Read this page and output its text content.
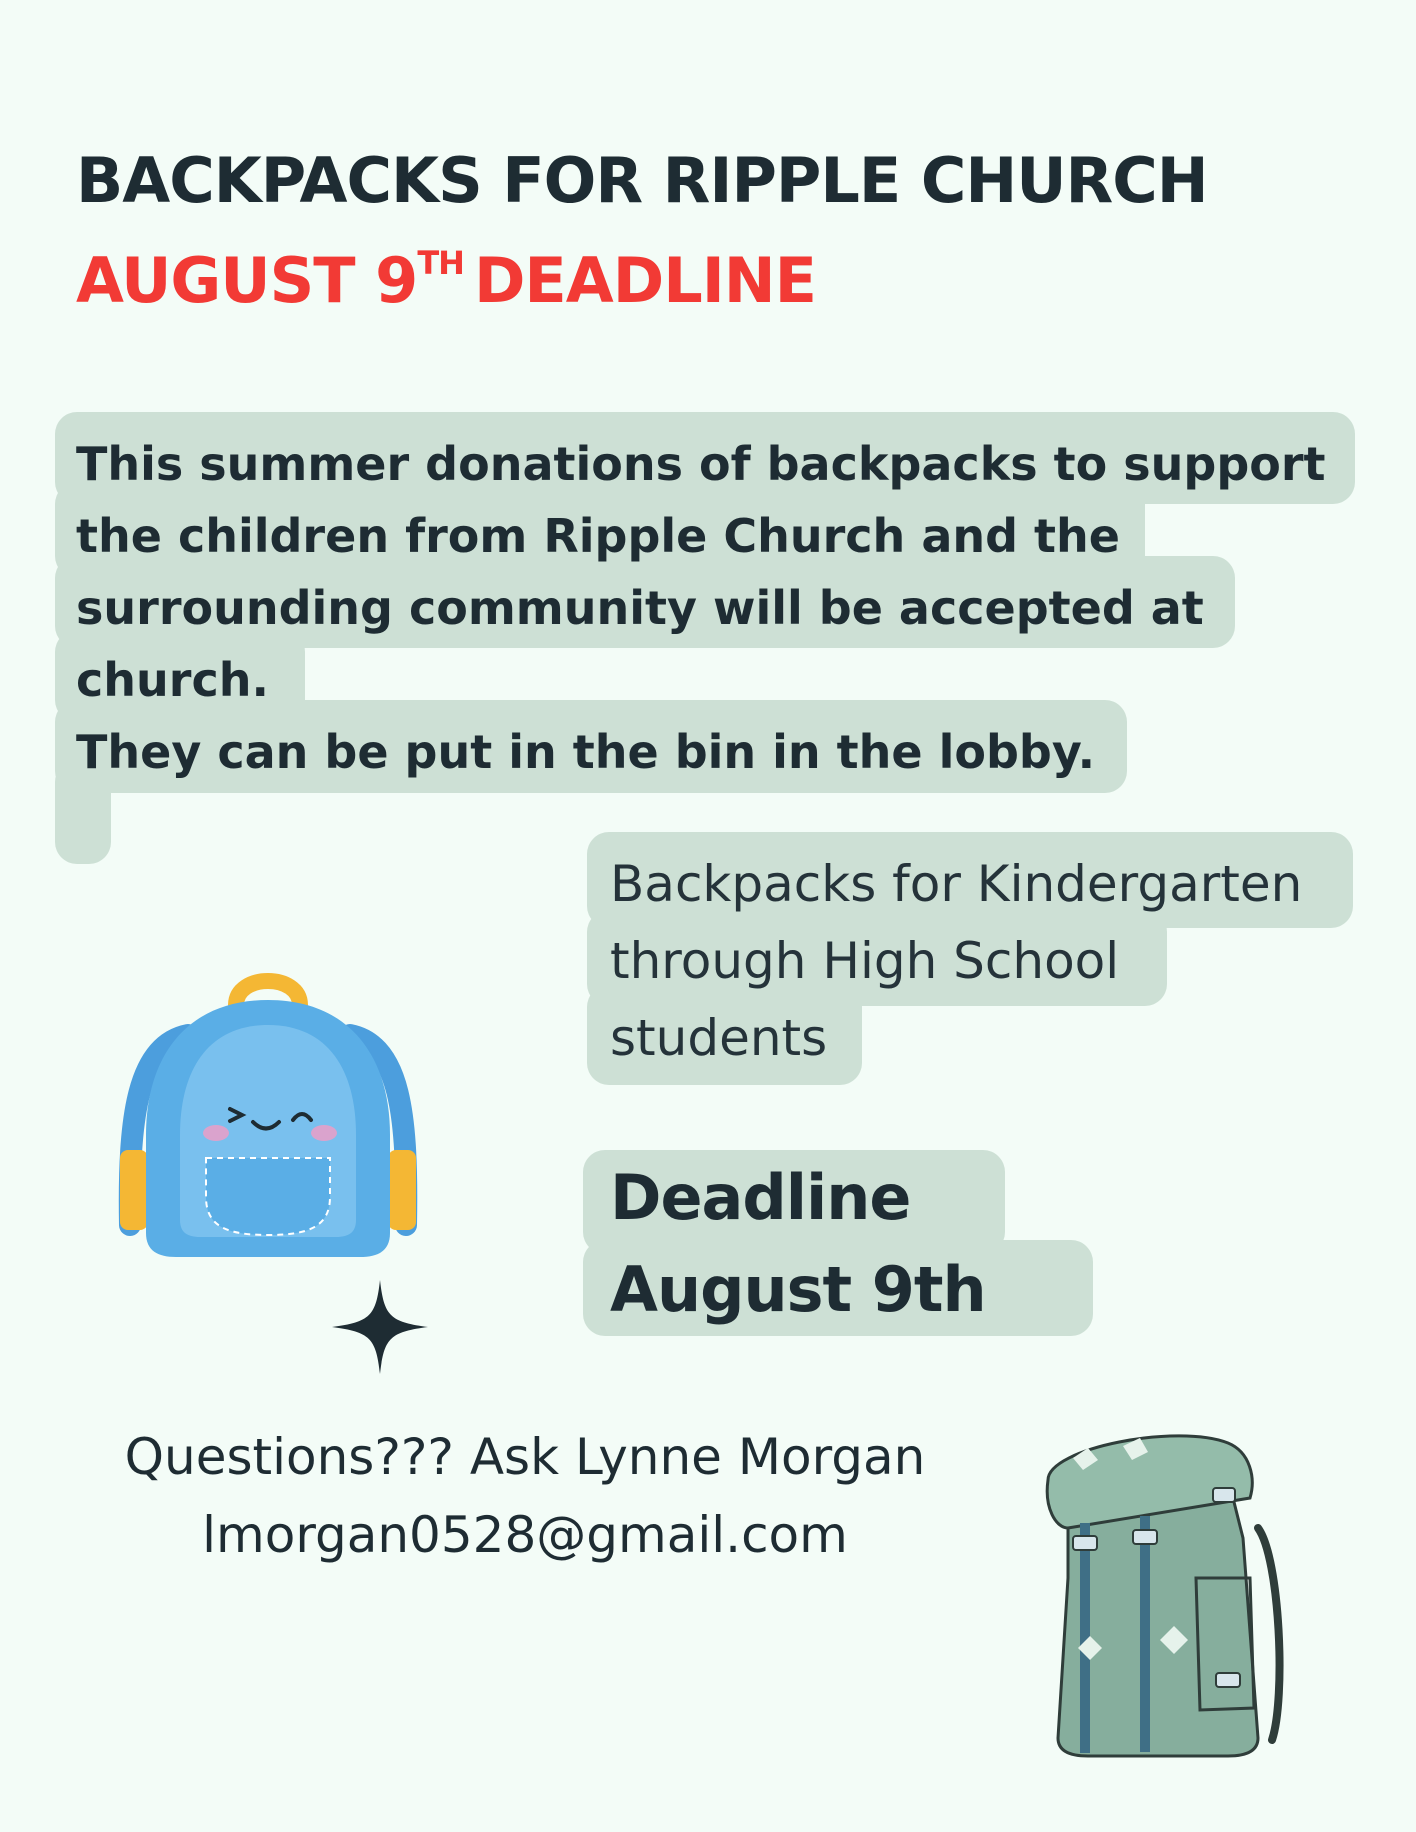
BACKPACKS FOR RIPPLE CHURCH
AUGUST 9TH DEADLINE

This summer donations of backpacks to support
the children from Ripple Church and the
surrounding community will be accepted at
church.
They can be put in the bin in the lobby.

Backpacks for Kindergarten
through High School
students

Deadline
August 9th

Questions??? Ask Lynne Morgan
lmorgan0528@gmail.com
